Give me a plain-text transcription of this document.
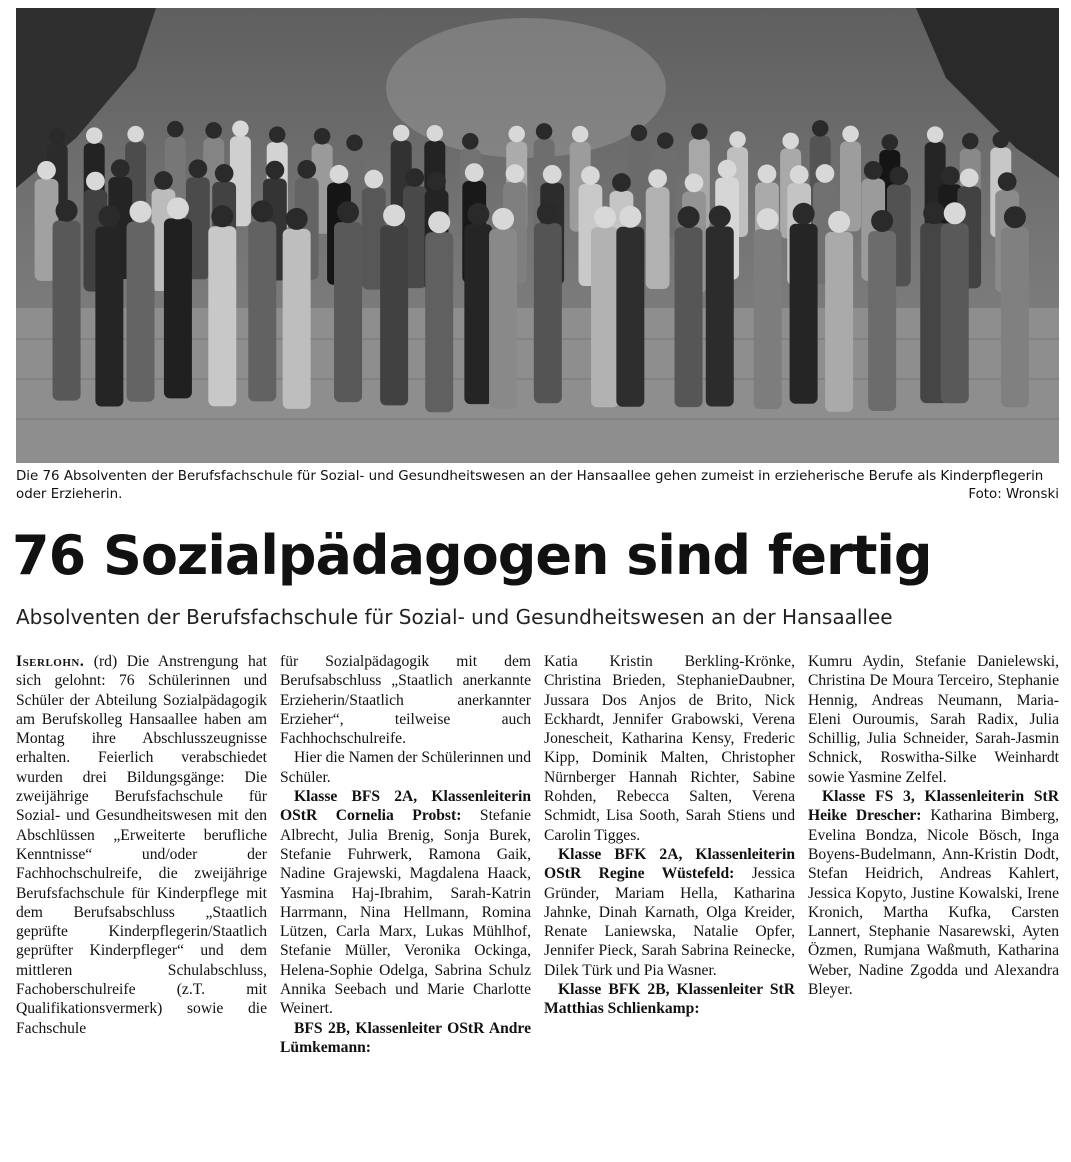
Die 76 Absolventen der Berufsfachschule für Sozial- und Gesundheitswesen an der Hansaallee gehen zumeist in erzieherische Berufe als Kinderpflegerin oder Erzieherin.	Foto: Wronski
76 Sozialpädagogen sind fertig
Absolventen der Berufsfachschule für Sozial- und Gesundheitswesen an der Hansaallee

Iserlohn. (rd) Die Anstrengung hat sich gelohnt: 76 Schülerinnen und Schüler der Abteilung Sozialpädagogik am Berufskolleg Hansaallee haben am Montag ihre Abschlusszeugnisse erhalten. Feierlich verabschiedet wurden drei Bildungsgänge: Die zweijährige Berufsfachschule für Sozial- und Gesundheitswesen mit den Abschlüssen „Erweiterte berufliche Kenntnisse“ und/oder der Fachhochschulreife, die zweijährige Berufsfachschule für Kinderpflege mit dem Berufsabschluss „Staatlich geprüfte Kinderpflegerin/Staatlich geprüfter Kinderpfleger“ und dem mittleren Schulabschluss, Fachoberschulreife (z.T. mit Qualifikationsvermerk) sowie die Fachschule

für Sozialpädagogik mit dem Berufsabschluss „Staatlich anerkannte Erzieherin/Staatlich anerkannter Erzieher“, teilweise auch Fachhochschulreife.

Hier die Namen der Schülerinnen und Schüler.

Klasse BFS 2A, Klassenleiterin OStR Cornelia Probst: Stefanie Albrecht, Julia Brenig, Sonja Burek, Stefanie Fuhrwerk, Ramona Gaik, Nadine Grajewski, Magdalena Haack, Yasmina Haj-Ibrahim, Sarah-Katrin Harrmann, Nina Hellmann, Romina Lützen, Carla Marx, Lukas Mühlhof, Stefanie Müller, Veronika Ockinga, Helena-Sophie Odelga, Sabrina Schulz Annika Seebach und Marie Charlotte Weinert.

BFS 2B, Klassenleiter OStR Andre Lümkemann:

Katia Kristin Berkling-Krönke, Christina Brieden, StephanieDaubner, Jussara Dos Anjos de Brito, Nick Eckhardt, Jennifer Grabowski, Verena Jonescheit, Katharina Kensy, Frederic Kipp, Dominik Malten, Christopher Nürnberger Hannah Richter, Sabine Rohden, Rebecca Salten, Verena Schmidt, Lisa Sooth, Sarah Stiens und Carolin Tigges.

Klasse BFK 2A, Klassenleiterin OStR Regine Wüstefeld: Jessica Gründer, Mariam Hella, Katharina Jahnke, Dinah Karnath, Olga Kreider, Renate Laniewska, Natalie Opfer, Jennifer Pieck, Sarah Sabrina Reinecke, Dilek Türk und Pia Wasner.

Klasse BFK 2B, Klassenleiter StR Matthias Schlienkamp:

Kumru Aydin, Stefanie Danielewski, Christina De Moura Terceiro, Stephanie Hennig, Andreas Neumann, Maria-Eleni Ouroumis, Sarah Radix, Julia Schillig, Julia Schneider, Sarah-Jasmin Schnick, Roswitha-Silke Weinhardt sowie Yasmine Zelfel.

Klasse FS 3, Klassenleiterin StR Heike Drescher: Katharina Bimberg, Evelina Bondza, Nicole Bösch, Inga Boyens-Budelmann, Ann-Kristin Dodt, Stefan Heidrich, Andreas Kahlert, Jessica Kopyto, Justine Kowalski, Irene Kronich, Martha Kufka, Carsten Lannert, Stephanie Nasarewski, Ayten Özmen, Rumjana Waßmuth, Katharina Weber, Nadine Zgodda und Alexandra Bleyer.
